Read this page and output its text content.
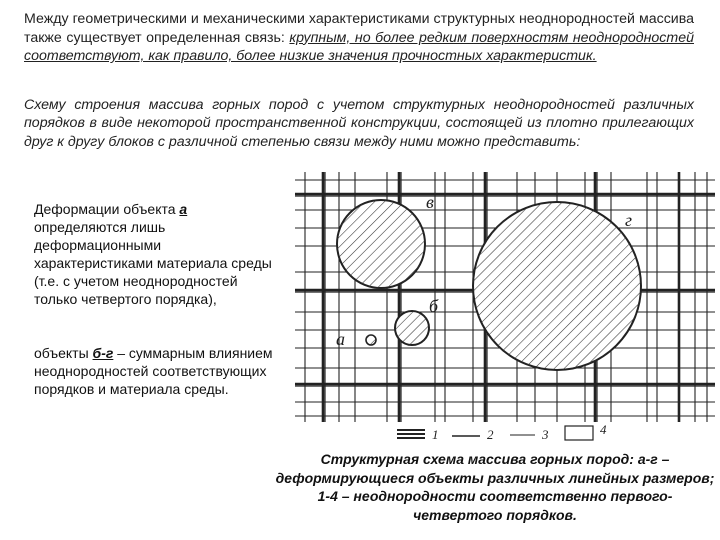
Между геометрическими и механическими характеристиками структурных неоднородностей массива также существует определенная связь: крупным, но более редким поверхностям неоднородностей соответствуют, как правило, более низкие значения прочностных характеристик.
Схему строения массива горных пород с учетом структурных неоднородностей различных порядков в виде некоторой пространственной конструкции, состоящей из плотно прилегающих друг к другу блоков с различной степенью связи между ними можно представить:
а
б
в
г
1	2	3	4
Деформации объекта а определяются лишь деформационными характеристиками материала среды (т.е. с учетом неоднородностей только четвертого порядка),
объекты б-г – суммарным влиянием неоднородностей соответствующих порядков и материала среды.
Структурная схема массива горных пород: а-г – деформирующиеся объекты различных линейных размеров; 1-4 – неоднородности соответственно первого-четвертого порядков.
